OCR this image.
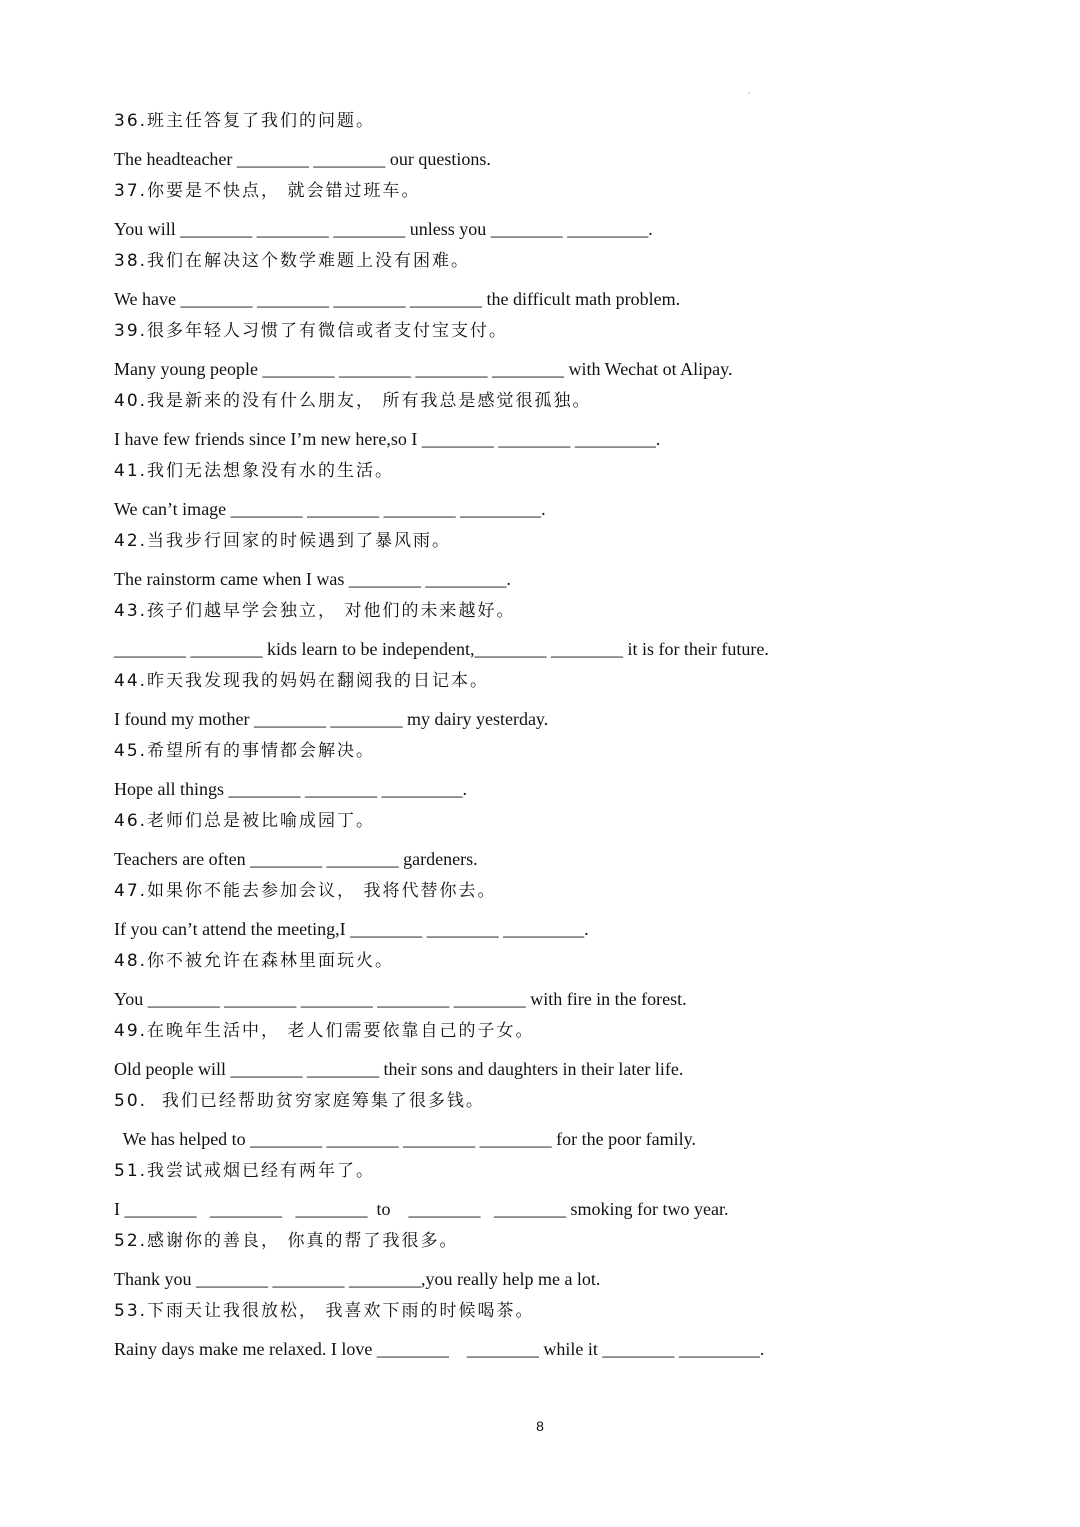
36.班主任答复了我们的问题。
The headteacher ________ ________ our questions.
37.你要是不快点， 就会错过班车。
You will ________ ________ ________ unless you ________ _________.
38.我们在解决这个数学难题上没有困难。
We have ________ ________ ________ ________ the difficult math problem.
39.很多年轻人习惯了有微信或者支付宝支付。
Many young people ________ ________ ________ ________ with Wechat ot Alipay.
40.我是新来的没有什么朋友， 所有我总是感觉很孤独。
I have few friends since I’m new here,so I ________ ________ _________.
41.我们无法想象没有水的生活。
We can’t image ________ ________ ________ _________.
42.当我步行回家的时候遇到了暴风雨。
The rainstorm came when I was ________ _________.
43.孩子们越早学会独立， 对他们的未来越好。
________ ________ kids learn to be independent,________ ________ it is for their future.
44.昨天我发现我的妈妈在翻阅我的日记本。
I found my mother ________ ________ my dairy yesterday.
45.希望所有的事情都会解决。
Hope all things ________ ________ _________.
46.老师们总是被比喻成园丁。
Teachers are often ________ ________ gardeners.
47.如果你不能去参加会议， 我将代替你去。
If you can’t attend the meeting,I ________ ________ _________.
48.你不被允许在森林里面玩火。
You ________ ________ ________ ________ ________ with fire in the forest.
49.在晚年生活中， 老人们需要依靠自己的子女。
Old people will ________ ________ their sons and daughters in their later life.
50.  我们已经帮助贫穷家庭筹集了很多钱。
We has helped to ________ ________ ________ ________ for the poor family.
51.我尝试戒烟已经有两年了。
I ________   ________   ________  to    ________   ________ smoking for two year.
52.感谢你的善良， 你真的帮了我很多。
Thank you ________ ________ ________,you really help me a lot.
53.下雨天让我很放松， 我喜欢下雨的时候喝茶。
Rainy days make me relaxed. I love ________    ________ while it ________ _________.
8
